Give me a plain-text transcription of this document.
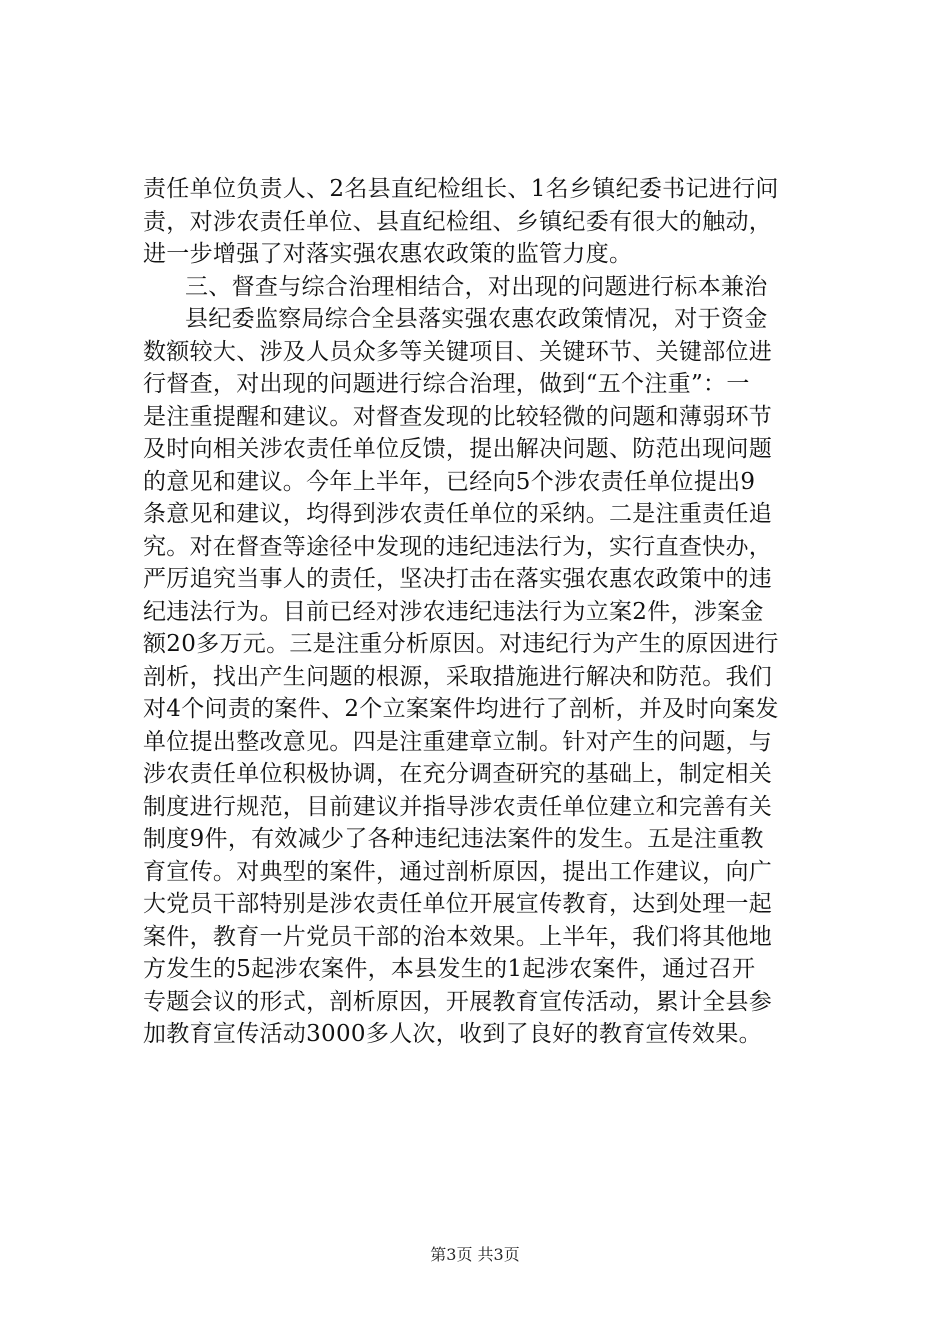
责任单位负责人、2名县直纪检组长、1名乡镇纪委书记进行问
责，对涉农责任单位、县直纪检组、乡镇纪委有很大的触动，
进一步增强了对落实强农惠农政策的监管力度。
三、督查与综合治理相结合，对出现的问题进行标本兼治
县纪委监察局综合全县落实强农惠农政策情况，对于资金
数额较大、涉及人员众多等关键项目、关键环节、关键部位进
行督查，对出现的问题进行综合治理，做到“五个注重”：一
是注重提醒和建议。对督查发现的比较轻微的问题和薄弱环节
及时向相关涉农责任单位反馈，提出解决问题、防范出现问题
的意见和建议。今年上半年，已经向5个涉农责任单位提出9
条意见和建议，均得到涉农责任单位的采纳。二是注重责任追
究。对在督查等途径中发现的违纪违法行为，实行直查快办，
严厉追究当事人的责任，坚决打击在落实强农惠农政策中的违
纪违法行为。目前已经对涉农违纪违法行为立案2件，涉案金
额20多万元。三是注重分析原因。对违纪行为产生的原因进行
剖析，找出产生问题的根源，采取措施进行解决和防范。我们
对4个问责的案件、2个立案案件均进行了剖析，并及时向案发
单位提出整改意见。四是注重建章立制。针对产生的问题，与
涉农责任单位积极协调，在充分调查研究的基础上，制定相关
制度进行规范，目前建议并指导涉农责任单位建立和完善有关
制度9件，有效减少了各种违纪违法案件的发生。五是注重教
育宣传。对典型的案件，通过剖析原因，提出工作建议，向广
大党员干部特别是涉农责任单位开展宣传教育，达到处理一起
案件，教育一片党员干部的治本效果。上半年，我们将其他地
方发生的5起涉农案件，本县发生的1起涉农案件，通过召开
专题会议的形式，剖析原因，开展教育宣传活动，累计全县参
加教育宣传活动3000多人次，收到了良好的教育宣传效果。
第3页 共3页
